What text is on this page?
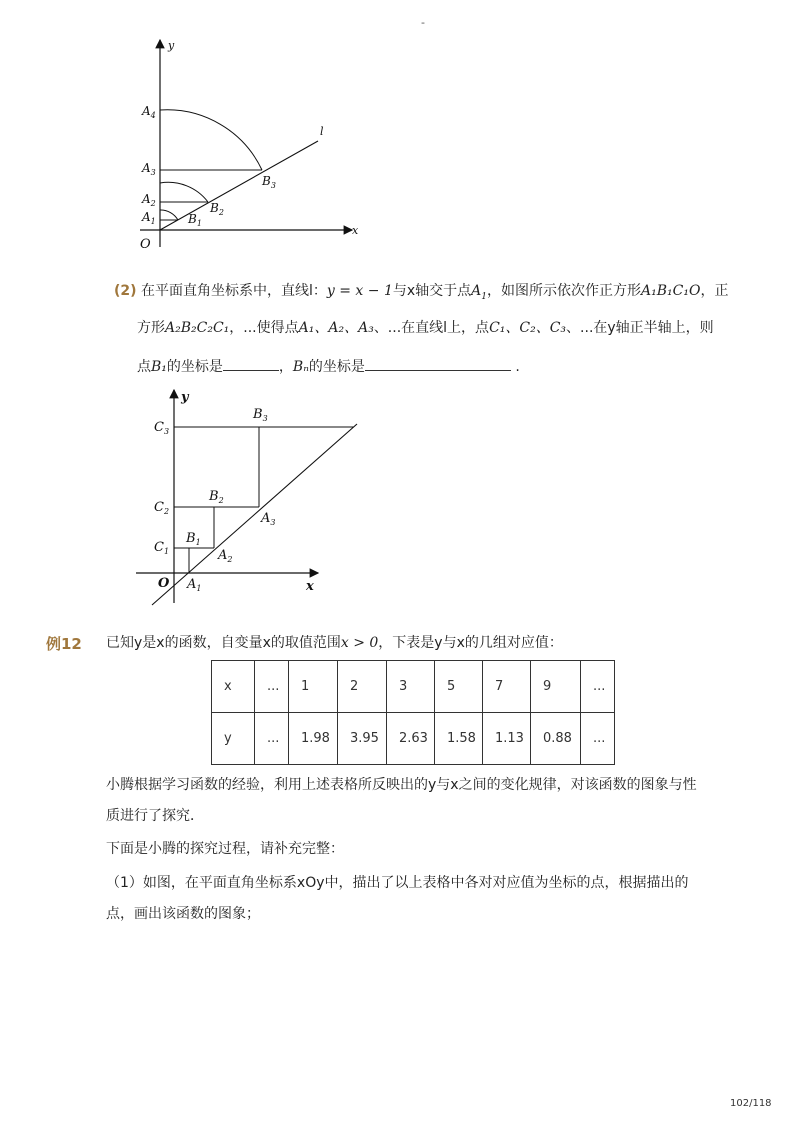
-
y
x
l
O
$A_4$
$A_3$
$A_2$
$A_1$
$B_3$
$B_2$
$B_1$
(2) 在平面直角坐标系中，直线l：y = x − 1与x轴交于点$A_1$，如图所示依次作正方形A₁B₁C₁O，正
方形A₂B₂C₂C₁，...使得点A₁、A₂、A₃、...在直线l上，点C₁、C₂、C₃、...在y轴正半轴上，则
点B₁的坐标是	，Bₙ的坐标是	.
y
x
O
$C_3$
$C_2$
$C_1$
$B_3$
$B_2$
$B_1$
$A_3$
$A_2$
$A_1$
例12 已知y是x的函数，自变量x的取值范围x > 0，下表是y与x的几组对应值：
x	...	1	2	3	5	7	9	...
y	...	1.98	3.95	2.63	1.58	1.13	0.88	...
小腾根据学习函数的经验，利用上述表格所反映出的y与x之间的变化规律，对该函数的图象与性
质进行了探究．
下面是小腾的探究过程，请补充完整：
（1）如图，在平面直角坐标系xOy中，描出了以上表格中各对对应值为坐标的点，根据描出的
点，画出该函数的图象；
102/118
